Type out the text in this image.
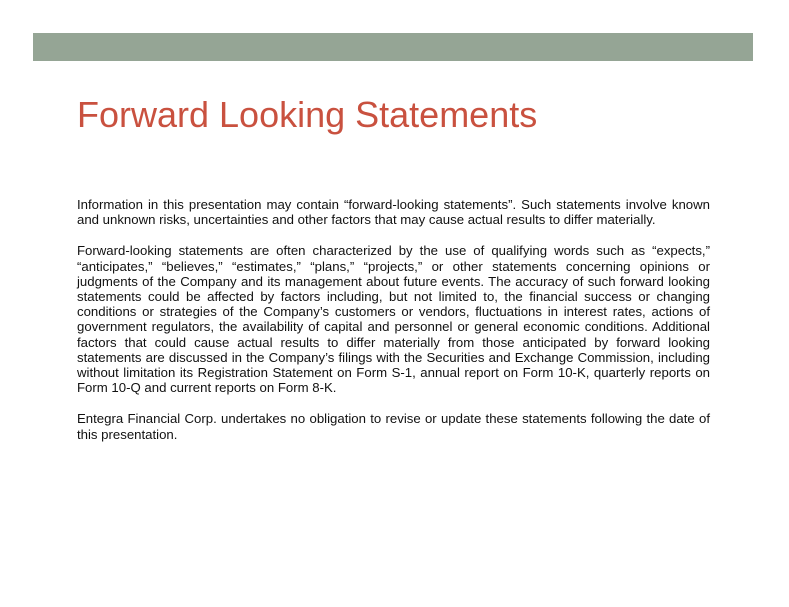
Forward Looking Statements

Information in this presentation may contain “forward-looking statements”. Such statements involve known and unknown risks, uncertainties and other factors that may cause actual results to differ materially.

Forward-looking statements are often characterized by the use of qualifying words such as “expects,” “anticipates,” “believes,” “estimates,” “plans,” “projects,” or other statements concerning opinions or judgments of the Company and its management about future events. The accuracy of such forward looking statements could be affected by factors including, but not limited to, the financial success or changing conditions or strategies of the Company’s customers or vendors, fluctuations in interest rates, actions of government regulators, the availability of capital and personnel or general economic conditions. Additional factors that could cause actual results to differ materially from those anticipated by forward looking statements are discussed in the Company’s filings with the Securities and Exchange Commission, including without limitation its Registration Statement on Form S-1, annual report on Form 10-K, quarterly reports on Form 10-Q and current reports on Form 8-K.

Entegra Financial Corp. undertakes no obligation to revise or update these statements following the date of this presentation.
